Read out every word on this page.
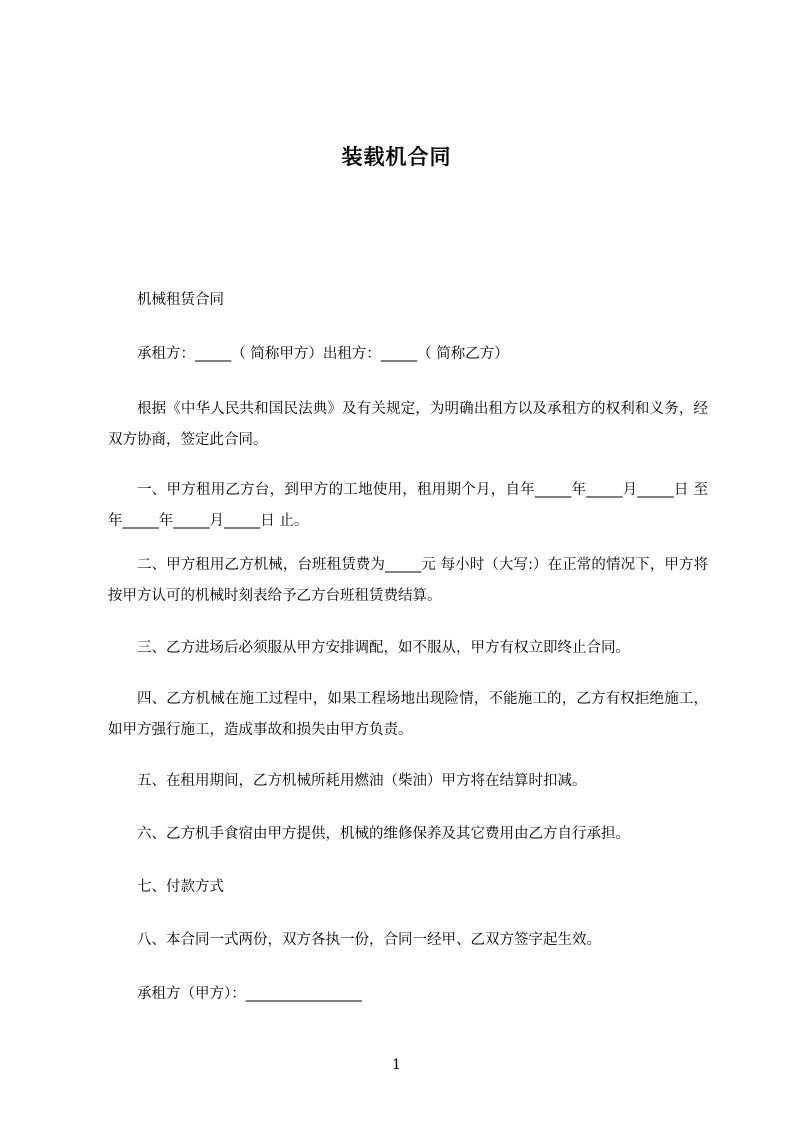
装载机合同
机械租赁合同
承租方：_____（ 简称甲方）出租方：_____（ 简称乙方）
根据《中华人民共和国民法典》及有关规定，为明确出租方以及承租方的权利和义务，经双方协商，签定此合同。
一、甲方租用乙方台，到甲方的工地使用，租用期个月，自年_____年_____月_____日 至年_____年_____月_____日 止。
二、甲方租用乙方机械，台班租赁费为_____元 每小时（大写:）在正常的情况下，甲方将按甲方认可的机械时刻表给予乙方台班租赁费结算。
三、乙方进场后必须服从甲方安排调配，如不服从，甲方有权立即终止合同。
四、乙方机械在施工过程中，如果工程场地出现险情，不能施工的，乙方有权拒绝施工，如甲方强行施工，造成事故和损失由甲方负责。
五、在租用期间，乙方机械所耗用燃油（柴油）甲方将在结算时扣减。
六、乙方机手食宿由甲方提供，机械的维修保养及其它费用由乙方自行承担。
七、付款方式
八、本合同一式两份，双方各执一份，合同一经甲、乙双方签字起生效。
承租方（甲方）：________________
1
